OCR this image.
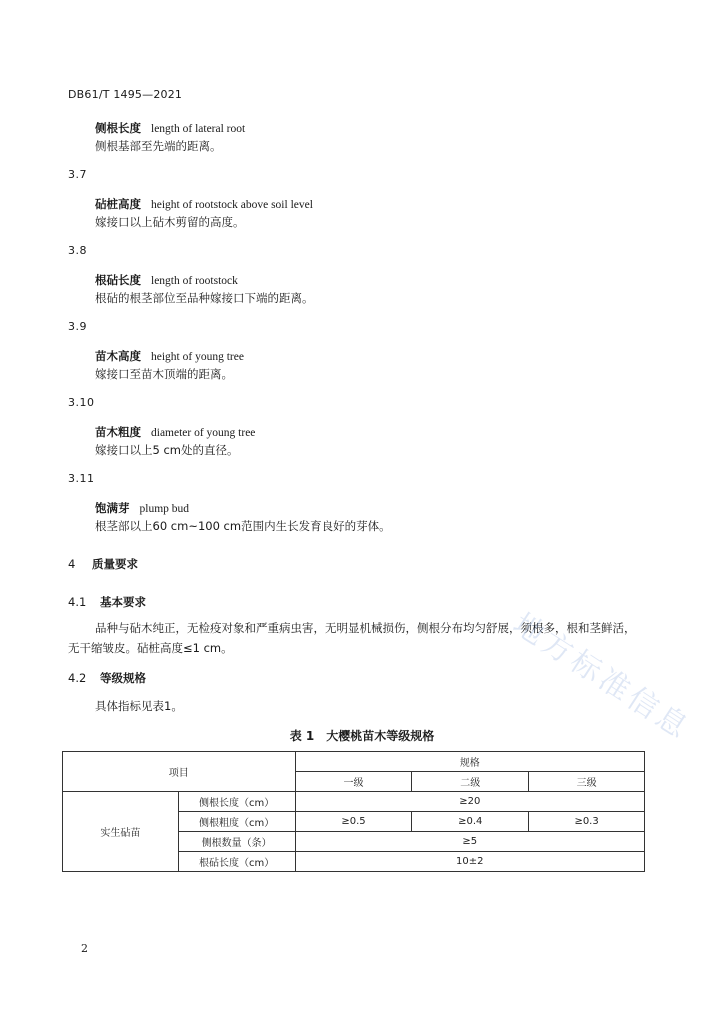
DB61/T 1495—2021
侧根长度 length of lateral root
侧根基部至先端的距离。
3.7
砧桩高度 height of rootstock above soil level
嫁接口以上砧木剪留的高度。
3.8
根砧长度 length of rootstock
根砧的根茎部位至品种嫁接口下端的距离。
3.9
苗木高度 height of young tree
嫁接口至苗木顶端的距离。
3.10
苗木粗度 diameter of young tree
嫁接口以上5 cm处的直径。
3.11
饱满芽 plump bud
根茎部以上60 cm~100 cm范围内生长发育良好的芽体。
4 质量要求
4.1 基本要求
品种与砧木纯正，无检疫对象和严重病虫害，无明显机械损伤，侧根分布均匀舒展，须根多，根和茎鲜活，无干缩皱皮。砧桩高度≤1 cm。
4.2 等级规格
具体指标见表1。
表 1 大樱桃苗木等级规格
项目		规格		
		一级	二级	三级
实生砧苗	侧根长度（cm）	≥20		
	侧根粗度（cm）	≥0.5	≥0.4	≥0.3
	侧根数量（条）	≥5		
	根砧长度（cm）	10±2		
地方标准信息
2
